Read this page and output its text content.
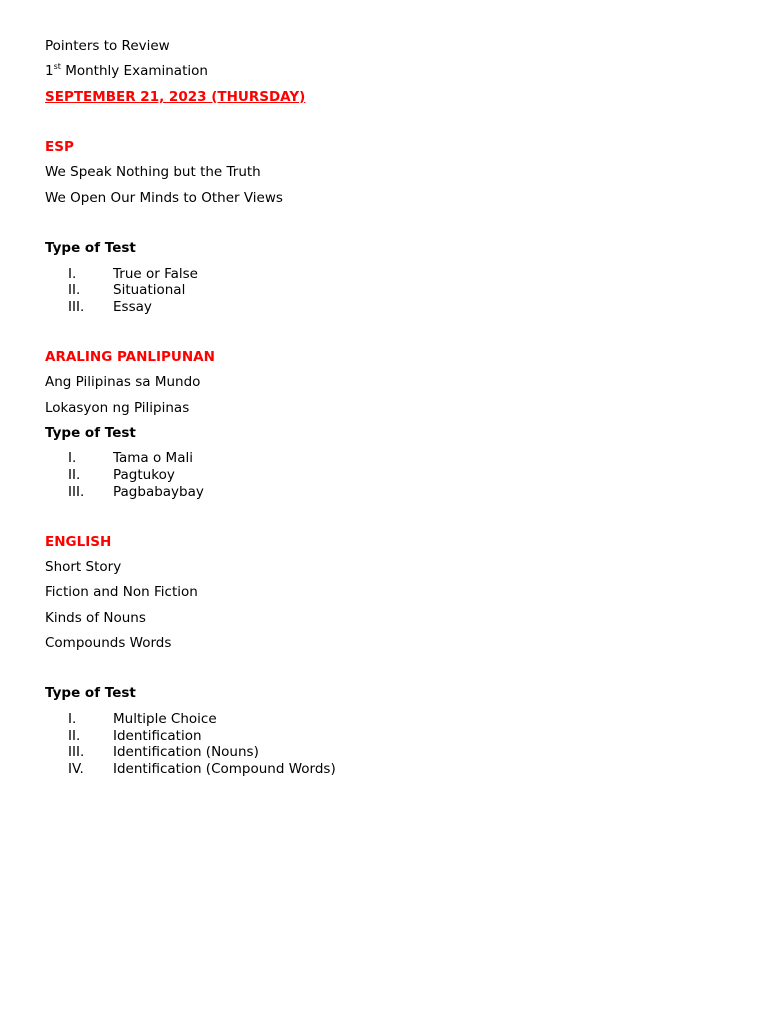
Pointers to Review
1st Monthly Examination
SEPTEMBER 21, 2023 (THURSDAY)
ESP
We Speak Nothing but the Truth
We Open Our Minds to Other Views
Type of Test
I.	True or False
II. Situational
III. Essay
ARALING PANLIPUNAN
Ang Pilipinas sa Mundo
Lokasyon ng Pilipinas
Type of Test
I.	Tama o Mali
II. Pagtukoy
III. Pagbabaybay
ENGLISH
Short Story
Fiction and Non Fiction
Kinds of Nouns
Compounds Words
Type of Test
I.	Multiple Choice
II. Identification
III. Identification (Nouns)
IV. Identification (Compound Words)
